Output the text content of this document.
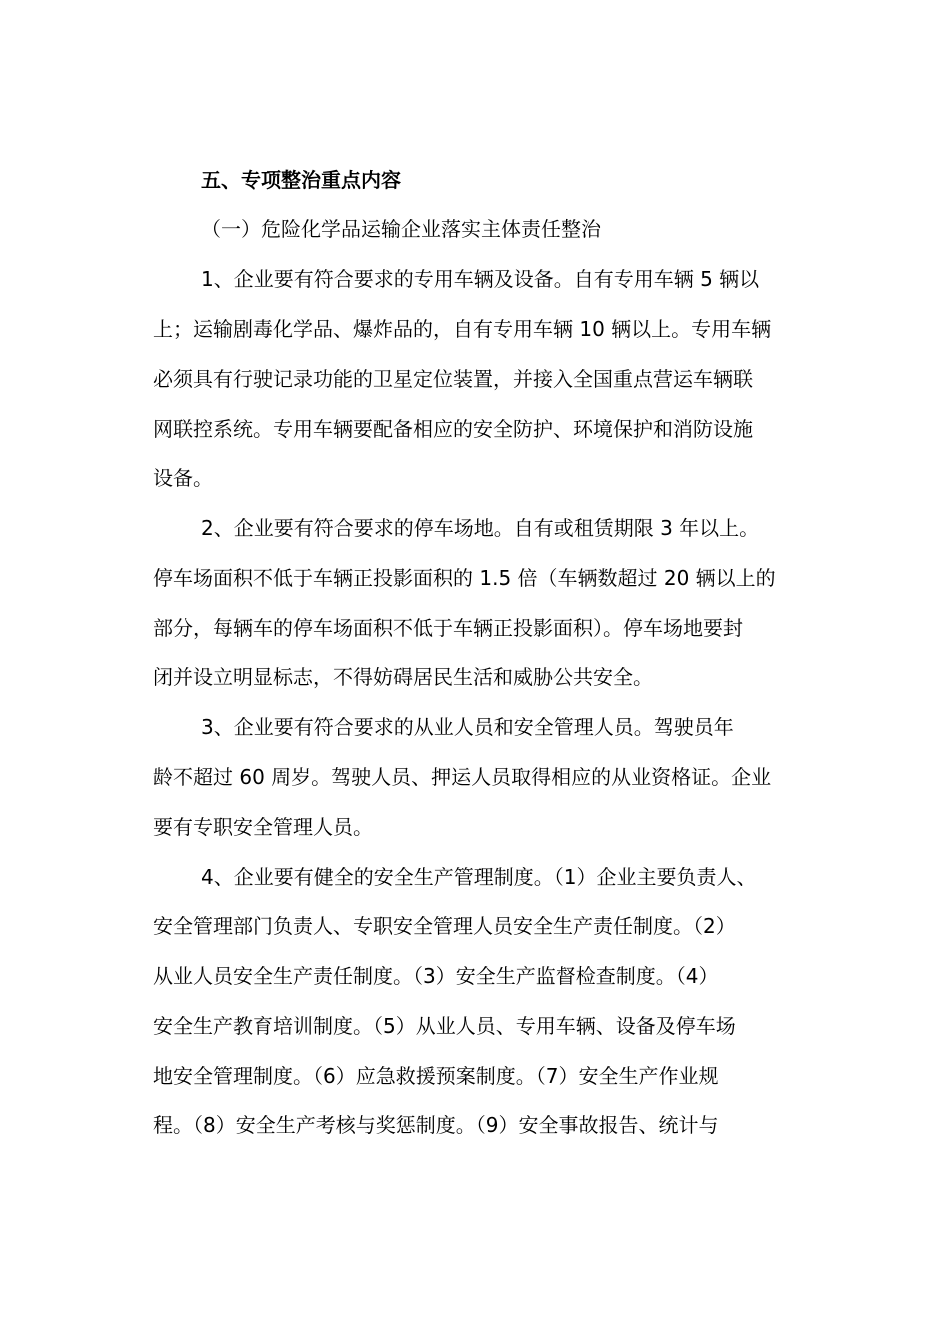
五、专项整治重点内容
（一）危险化学品运输企业落实主体责任整治
1、企业要有符合要求的专用车辆及设备。自有专用车辆 5 辆以
上；运输剧毒化学品、爆炸品的，自有专用车辆 10 辆以上。专用车辆
必须具有行驶记录功能的卫星定位装置，并接入全国重点营运车辆联
网联控系统。专用车辆要配备相应的安全防护、环境保护和消防设施
设备。
2、企业要有符合要求的停车场地。自有或租赁期限 3 年以上。
停车场面积不低于车辆正投影面积的 1.5 倍（车辆数超过 20 辆以上的
部分，每辆车的停车场面积不低于车辆正投影面积）。停车场地要封
闭并设立明显标志，不得妨碍居民生活和威胁公共安全。
3、企业要有符合要求的从业人员和安全管理人员。驾驶员年
龄不超过 60 周岁。驾驶人员、押运人员取得相应的从业资格证。企业
要有专职安全管理人员。
4、企业要有健全的安全生产管理制度。（1）企业主要负责人、
安全管理部门负责人、专职安全管理人员安全生产责任制度。（2）
从业人员安全生产责任制度。（3）安全生产监督检查制度。（4）
安全生产教育培训制度。（5）从业人员、专用车辆、设备及停车场
地安全管理制度。（6）应急救援预案制度。（7）安全生产作业规
程。（8）安全生产考核与奖惩制度。（9）安全事故报告、统计与
